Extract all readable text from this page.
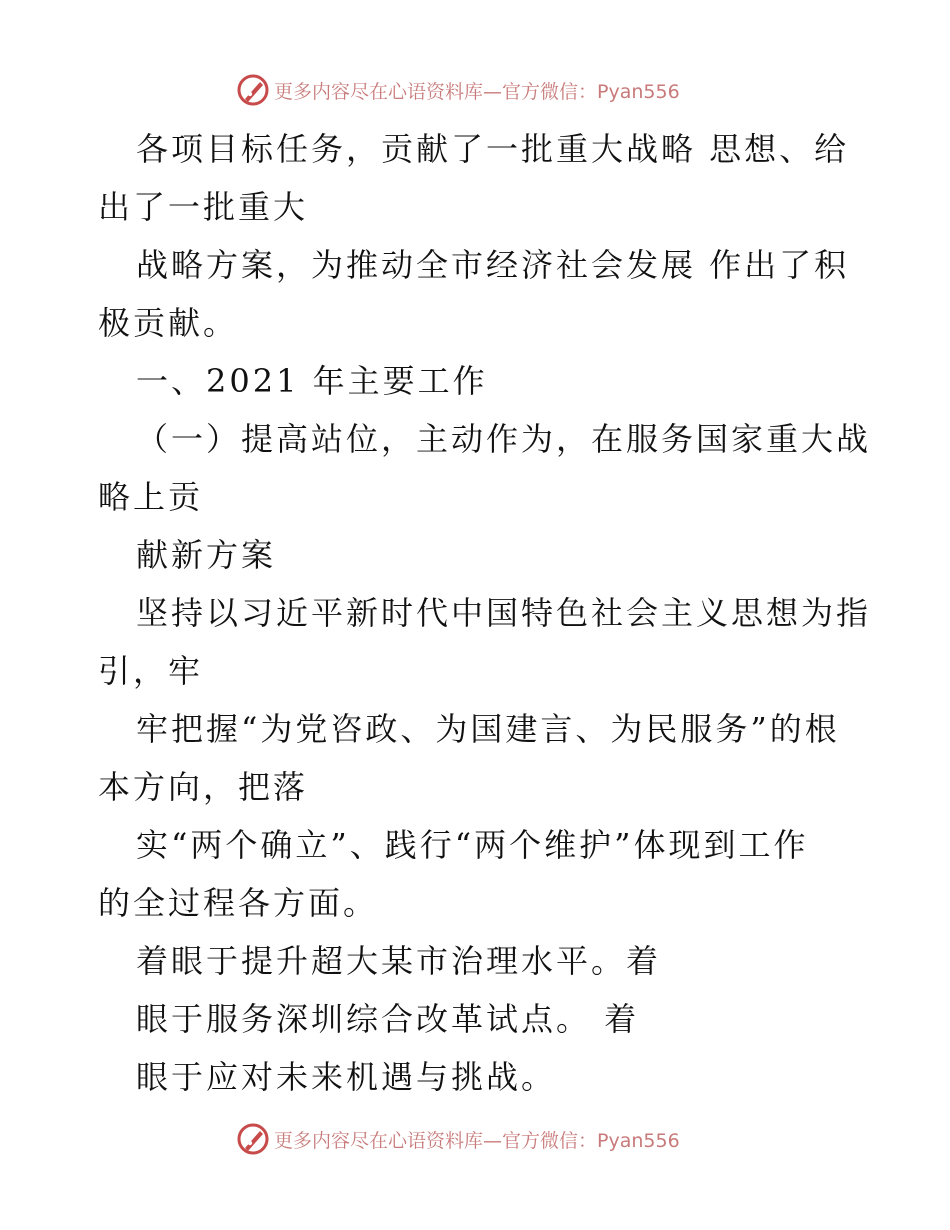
更多内容尽在心语资料库—官方微信：Pyan556
各项目标任务，贡献了一批重大战略 思想、给
出了一批重大
战略方案，为推动全市经济社会发展 作出了积
极贡献。
一、2021 年主要工作
（一）提高站位，主动作为，在服务国家重大战
略上贡
献新方案
坚持以习近平新时代中国特色社会主义思想为指
引，牢
牢把握“为党咨政、为国建言、为民服务”的根
本方向，把落
实“两个确立”、践行“两个维护”体现到工作
的全过程各方面。
着眼于提升超大某市治理水平。着
眼于服务深圳综合改革试点。 着
眼于应对未来机遇与挑战。
更多内容尽在心语资料库—官方微信：Pyan556
